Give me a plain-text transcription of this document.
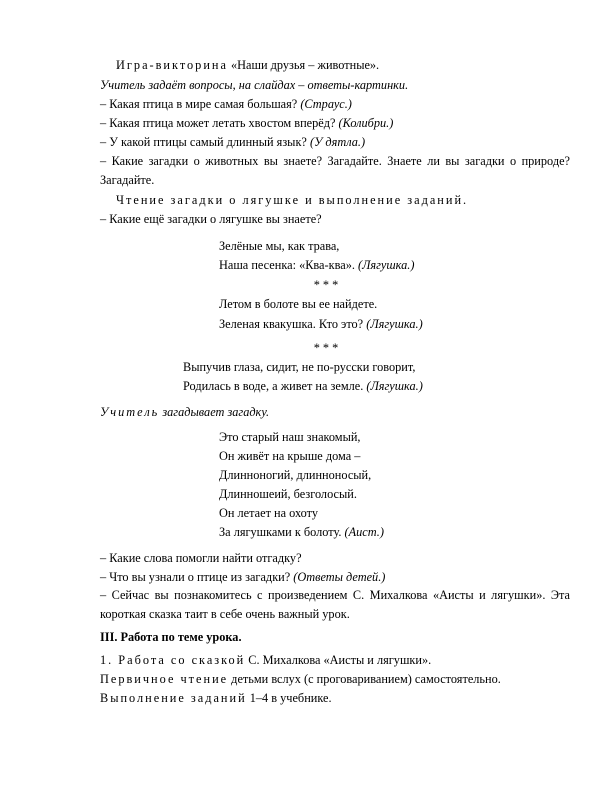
Игра-викторина «Наши друзья – животные».
Учитель задаёт вопросы, на слайдах – ответы-картинки.
– Какая птица в мире самая большая? (Страус.)
– Какая птица может летать хвостом вперёд? (Колибри.)
– У какой птицы самый длинный язык? (У дятла.)
– Какие загадки о животных вы знаете? Загадайте. Знаете ли вы загадки о природе? Загадайте.
Чтение загадки о лягушке и выполнение заданий.
– Какие ещё загадки о лягушке вы знаете?
Зелёные мы, как трава,
Наша песенка: «Ква-ква». (Лягушка.)
* * *
Летом в болоте вы ее найдете.
Зеленая квакушка. Кто это? (Лягушка.)
* * *
Выпучив глаза, сидит, не по-русски говорит,
Родилась в воде, а живет на земле. (Лягушка.)
Учитель загадывает загадку.
Это старый наш знакомый,
Он живёт на крыше дома –
Длинноногий, длинноносый,
Длинношеий, безголосый.
Он летает на охоту
За лягушками к болоту. (Аист.)
– Какие слова помогли найти отгадку?
– Что вы узнали о птице из загадки? (Ответы детей.)
– Сейчас вы познакомитесь с произведением С. Михалкова «Аисты и лягушки». Эта короткая сказка таит в себе очень важный урок.
III. Работа по теме урока.
1. Работа со сказкой С. Михалкова «Аисты и лягушки».
Первичное чтение детьми вслух (с проговариванием) самостоятельно.
Выполнение заданий 1–4 в учебнике.
